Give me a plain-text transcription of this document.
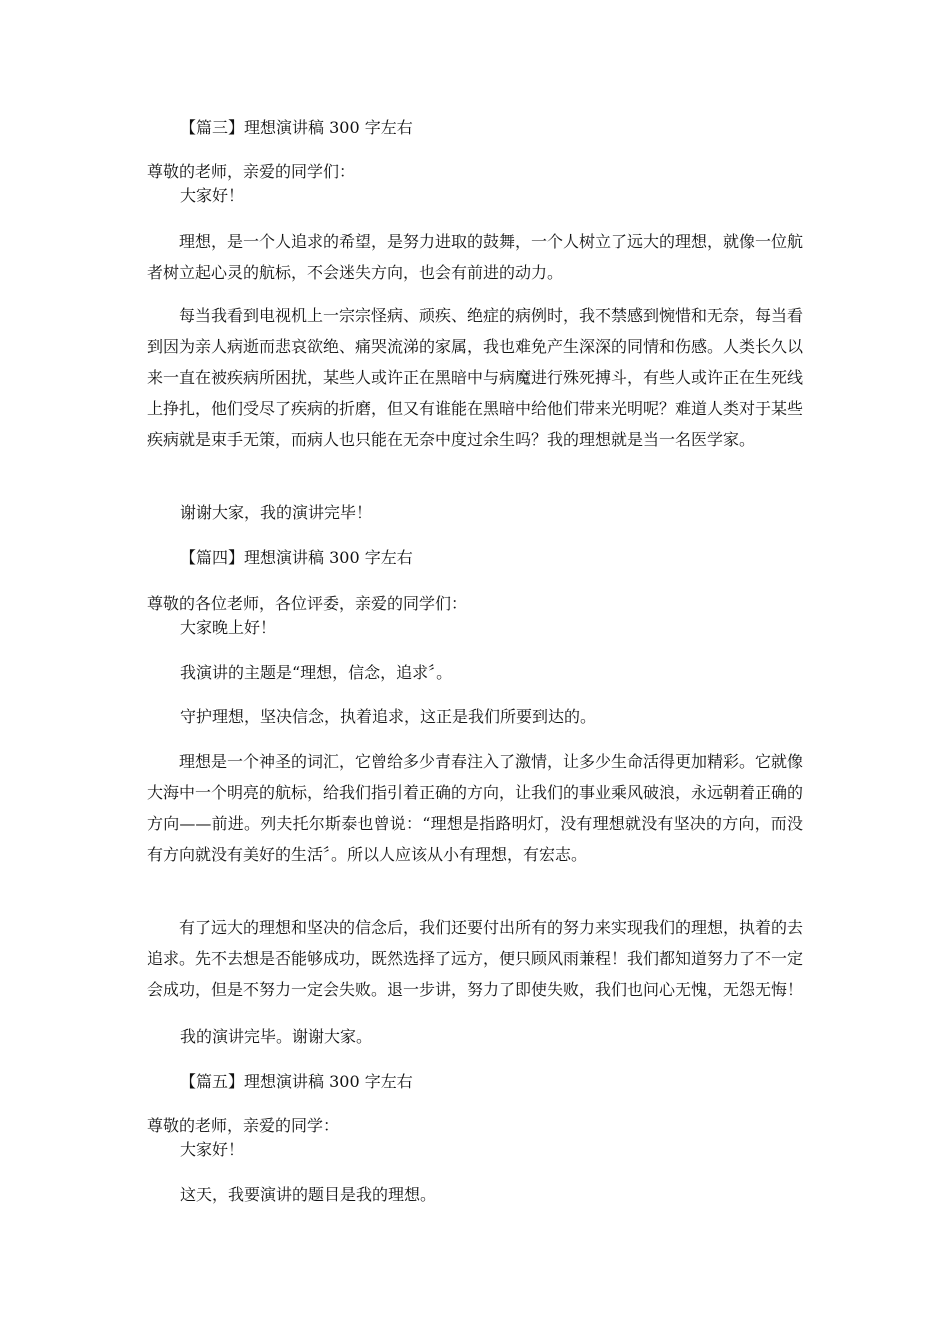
【篇三】理想演讲稿 300 字左右

尊敬的老师，亲爱的同学们：

大家好！

理想，是一个人追求的希望，是努力进取的鼓舞，一个人树立了远大的理想，就像一位航者树立起心灵的航标，不会迷失方向，也会有前进的动力。

每当我看到电视机上一宗宗怪病、顽疾、绝症的病例时，我不禁感到惋惜和无奈，每当看到因为亲人病逝而悲哀欲绝、痛哭流涕的家属，我也难免产生深深的同情和伤感。人类长久以来一直在被疾病所困扰，某些人或许正在黑暗中与病魔进行殊死搏斗，有些人或许正在生死线上挣扎，他们受尽了疾病的折磨，但又有谁能在黑暗中给他们带来光明呢？难道人类对于某些疾病就是束手无策，而病人也只能在无奈中度过余生吗？我的理想就是当一名医学家。

谢谢大家，我的演讲完毕！

【篇四】理想演讲稿 300 字左右

尊敬的各位老师，各位评委，亲爱的同学们：

大家晚上好！

我演讲的主题是“理想，信念，追求〞。

守护理想，坚决信念，执着追求，这正是我们所要到达的。

理想是一个神圣的词汇，它曾给多少青春注入了激情，让多少生命活得更加精彩。它就像大海中一个明亮的航标，给我们指引着正确的方向，让我们的事业乘风破浪，永远朝着正确的方向——前进。列夫托尔斯泰也曾说：“理想是指路明灯，没有理想就没有坚决的方向，而没有方向就没有美好的生活〞。所以人应该从小有理想，有宏志。

有了远大的理想和坚决的信念后，我们还要付出所有的努力来实现我们的理想，执着的去追求。先不去想是否能够成功，既然选择了远方，便只顾风雨兼程！我们都知道努力了不一定会成功，但是不努力一定会失败。退一步讲，努力了即使失败，我们也问心无愧，无怨无悔！

我的演讲完毕。谢谢大家。

【篇五】理想演讲稿 300 字左右

尊敬的老师，亲爱的同学：

大家好！

这天，我要演讲的题目是我的理想。
